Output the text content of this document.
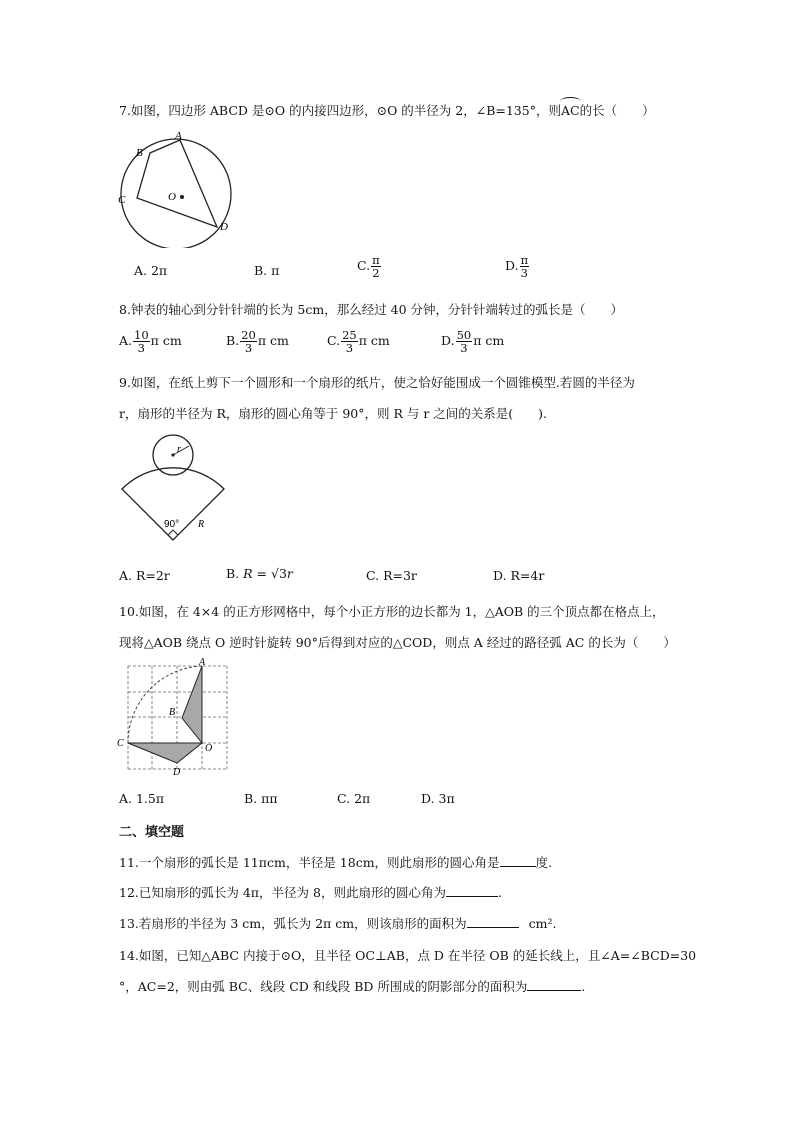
7.如图，四边形 ABCD 是⊙O 的内接四边形，⊙O 的半径为 2，∠B=135°，则AC的长（　　）
A
B
C
D
O
A. 2π	B. π	C. $\frac{\pi}{2}$	D. $\frac{\pi}{3}$
8.钟表的轴心到分针针端的长为 5cm，那么经过 40 分钟，分针针端转过的弧长是（　　）
A. $\frac{10}{3}$ π cm	B. $\frac{20}{3}$ π cm	C. $\frac{25}{3}$ π cm	D. $\frac{50}{3}$ π cm
9.如图，在纸上剪下一个圆形和一个扇形的纸片，使之恰好能围成一个圆锥模型.若圆的半径为
r，扇形的半径为 R，扇形的圆心角等于 90°，则 R 与 r 之间的关系是(　　).
r
90° R
A. R=2r	B. R = √3r	C. R=3r	D. R=4r
10.如图，在 4×4 的正方形网格中，每个小正方形的边长都为 1，△AOB 的三个顶点都在格点上，
现将△AOB 绕点 O 逆时针旋转 90°后得到对应的△COD，则点 A 经过的路径弧 AC 的长为（　　）
A
B
C
D
O
A. 1.5π	B. ππ	C. 2π	D. 3π
二、填空题
11.一个扇形的弧长是 11πcm，半径是 18cm，则此扇形的圆心角是	度.
12.已知扇形的弧长为 4π，半径为 8，则此扇形的圆心角为	.
13.若扇形的半径为 3 cm，弧长为 2π cm，则该扇形的面积为	cm².
14.如图，已知△ABC 内接于⊙O，且半径 OC⊥AB，点 D 在半径 OB 的延长线上，且∠A=∠BCD=30
°，AC=2，则由弧 BC、线段 CD 和线段 BD 所围成的阴影部分的面积为	.
